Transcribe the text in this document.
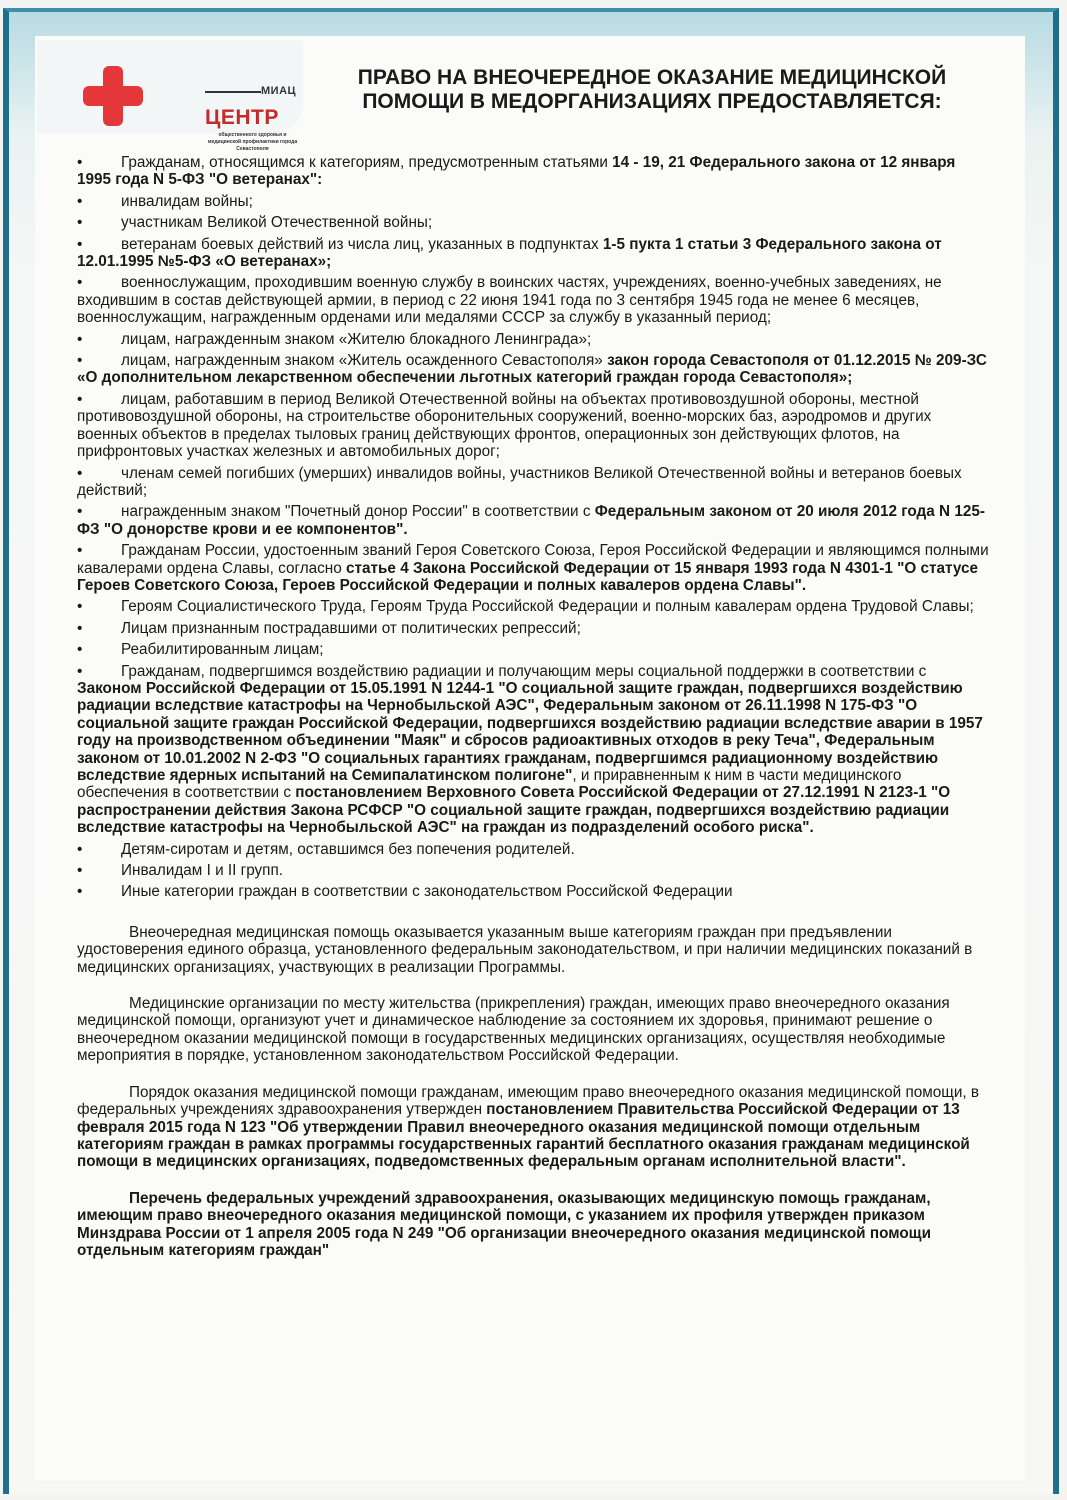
МИАЦ
ЦЕНТР
общественного здоровья и медицинской профилактики города Севастополя
ПРАВО НА ВНЕОЧЕРЕДНОЕ ОКАЗАНИЕ МЕДИЦИНСКОЙ
ПОМОЩИ В МЕДОРГАНИЗАЦИЯХ ПРЕДОСТАВЛЯЕТСЯ:

•	Гражданам, относящимся к категориям, предусмотренным статьями 14 - 19, 21 Федерального закона от 12 января 1995 года N 5-ФЗ "О ветеранах":

•	инвалидам войны;

•	участникам Великой Отечественной войны;

•	ветеранам боевых действий из числа лиц, указанных в подпунктах 1-5 пукта 1 статьи 3 Федерального закона от 12.01.1995 №5-ФЗ «О ветеранах»;

•	военнослужащим, проходившим военную службу в воинских частях, учреждениях, военно-учебных заведениях, не входившим в состав действующей армии, в период с 22 июня 1941 года по 3 сентября 1945 года не менее 6 месяцев, военнослужащим, награжденным орденами или медалями СССР за службу в указанный период;

•	лицам, награжденным знаком «Жителю блокадного Ленинграда»;

•	лицам, награжденным знаком «Житель осажденного Севастополя» закон города Севастополя от 01.12.2015 № 209-ЗС «О дополнительном лекарственном обеспечении льготных категорий граждан города Севастополя»;

•	лицам, работавшим в период Великой Отечественной войны на объектах противовоздушной обороны, местной противовоздушной обороны, на строительстве оборонительных сооружений, военно-морских баз, аэродромов и других военных объектов в пределах тыловых границ действующих фронтов, операционных зон действующих флотов, на прифронтовых участках железных и автомобильных дорог;

•	членам семей погибших (умерших) инвалидов войны, участников Великой Отечественной войны и ветеранов боевых действий;

•	награжденным знаком "Почетный донор России" в соответствии с Федеральным законом от 20 июля 2012 года N 125-ФЗ "О донорстве крови и ее компонентов".

•	Гражданам России, удостоенным званий Героя Советского Союза, Героя Российской Федерации и являющимся полными кавалерами ордена Славы, согласно статье 4 Закона Российской Федерации от 15 января 1993 года N 4301-1 "О статусе Героев Советского Союза, Героев Российской Федерации и полных кавалеров ордена Славы".

•	Героям Социалистического Труда, Героям Труда Российской Федерации и полным кавалерам ордена Трудовой Славы;

•	Лицам признанным пострадавшими от политических репрессий;

•	Реабилитированным лицам;

•	Гражданам, подвергшимся воздействию радиации и получающим меры социальной поддержки в соответствии с Законом Российской Федерации от 15.05.1991 N 1244-1 "О социальной защите граждан, подвергшихся воздействию радиации вследствие катастрофы на Чернобыльской АЭС", Федеральным законом от 26.11.1998 N 175-ФЗ "О социальной защите граждан Российской Федерации, подвергшихся воздействию радиации вследствие аварии в 1957 году на производственном объединении "Маяк" и сбросов радиоактивных отходов в реку Теча", Федеральным законом от 10.01.2002 N 2-ФЗ "О социальных гарантиях гражданам, подвергшимся радиационному воздействию вследствие ядерных испытаний на Семипалатинском полигоне", и приравненным к ним в части медицинского обеспечения в соответствии с постановлением Верховного Совета Российской Федерации от 27.12.1991 N 2123-1 "О распространении действия Закона РСФСР "О социальной защите граждан, подвергшихся воздействию радиации вследствие катастрофы на Чернобыльской АЭС" на граждан из подразделений особого риска".

•	Детям-сиротам и детям, оставшимся без попечения родителей.

•	Инвалидам I и II групп.

•	Иные категории граждан в соответствии с законодательством Российской Федерации

Внеочередная медицинская помощь оказывается указанным выше категориям граждан при предъявлении удостоверения единого образца, установленного федеральным законодательством, и при наличии медицинских показаний в медицинских организациях, участвующих в реализации Программы.

Медицинские организации по месту жительства (прикрепления) граждан, имеющих право внеочередного оказания медицинской помощи, организуют учет и динамическое наблюдение за состоянием их здоровья, принимают решение о внеочередном оказании медицинской помощи в государственных медицинских организациях, осуществляя необходимые мероприятия в порядке, установленном законодательством Российской Федерации.

Порядок оказания медицинской помощи гражданам, имеющим право внеочередного оказания медицинской помощи, в федеральных учреждениях здравоохранения утвержден постановлением Правительства Российской Федерации от 13 февраля 2015 года N 123 "Об утверждении Правил внеочередного оказания медицинской помощи отдельным категориям граждан в рамках программы государственных гарантий бесплатного оказания гражданам медицинской помощи в медицинских организациях, подведомственных федеральным органам исполнительной власти".

Перечень федеральных учреждений здравоохранения, оказывающих медицинскую помощь гражданам, имеющим право внеочередного оказания медицинской помощи, с указанием их профиля утвержден приказом Минздрава России от 1 апреля 2005 года N 249 "Об организации внеочередного оказания медицинской помощи отдельным категориям граждан"
